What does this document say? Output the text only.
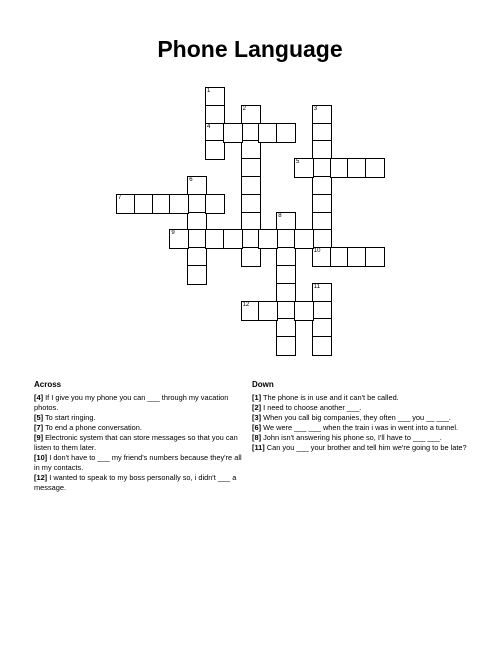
Phone Language
1
4
2	3
10
5
6
7
8
9
11
12
Across

[4] If I give you my phone you can ___ through my vacation photos.

[5] To start ringing.

[7] To end a phone conversation.

[9] Electronic system that can store messages so that you can listen to them later.

[10] I don't have to ___ my friend's numbers because they're all in my contacts.

[12] I wanted to speak to my boss personally so, i didn't ___ a message.

Down

[1] The phone is in use and it can't be called.

[2] I need to choose another ___.

[3] When you call big companies, they often ___ you __ ___.

[6] We were ___ ___ when the train i was in went into a tunnel.

[8] John isn't answering his phone so, I'll have to ___ ___.

[11] Can you ___ your brother and tell him we're going to be late?
